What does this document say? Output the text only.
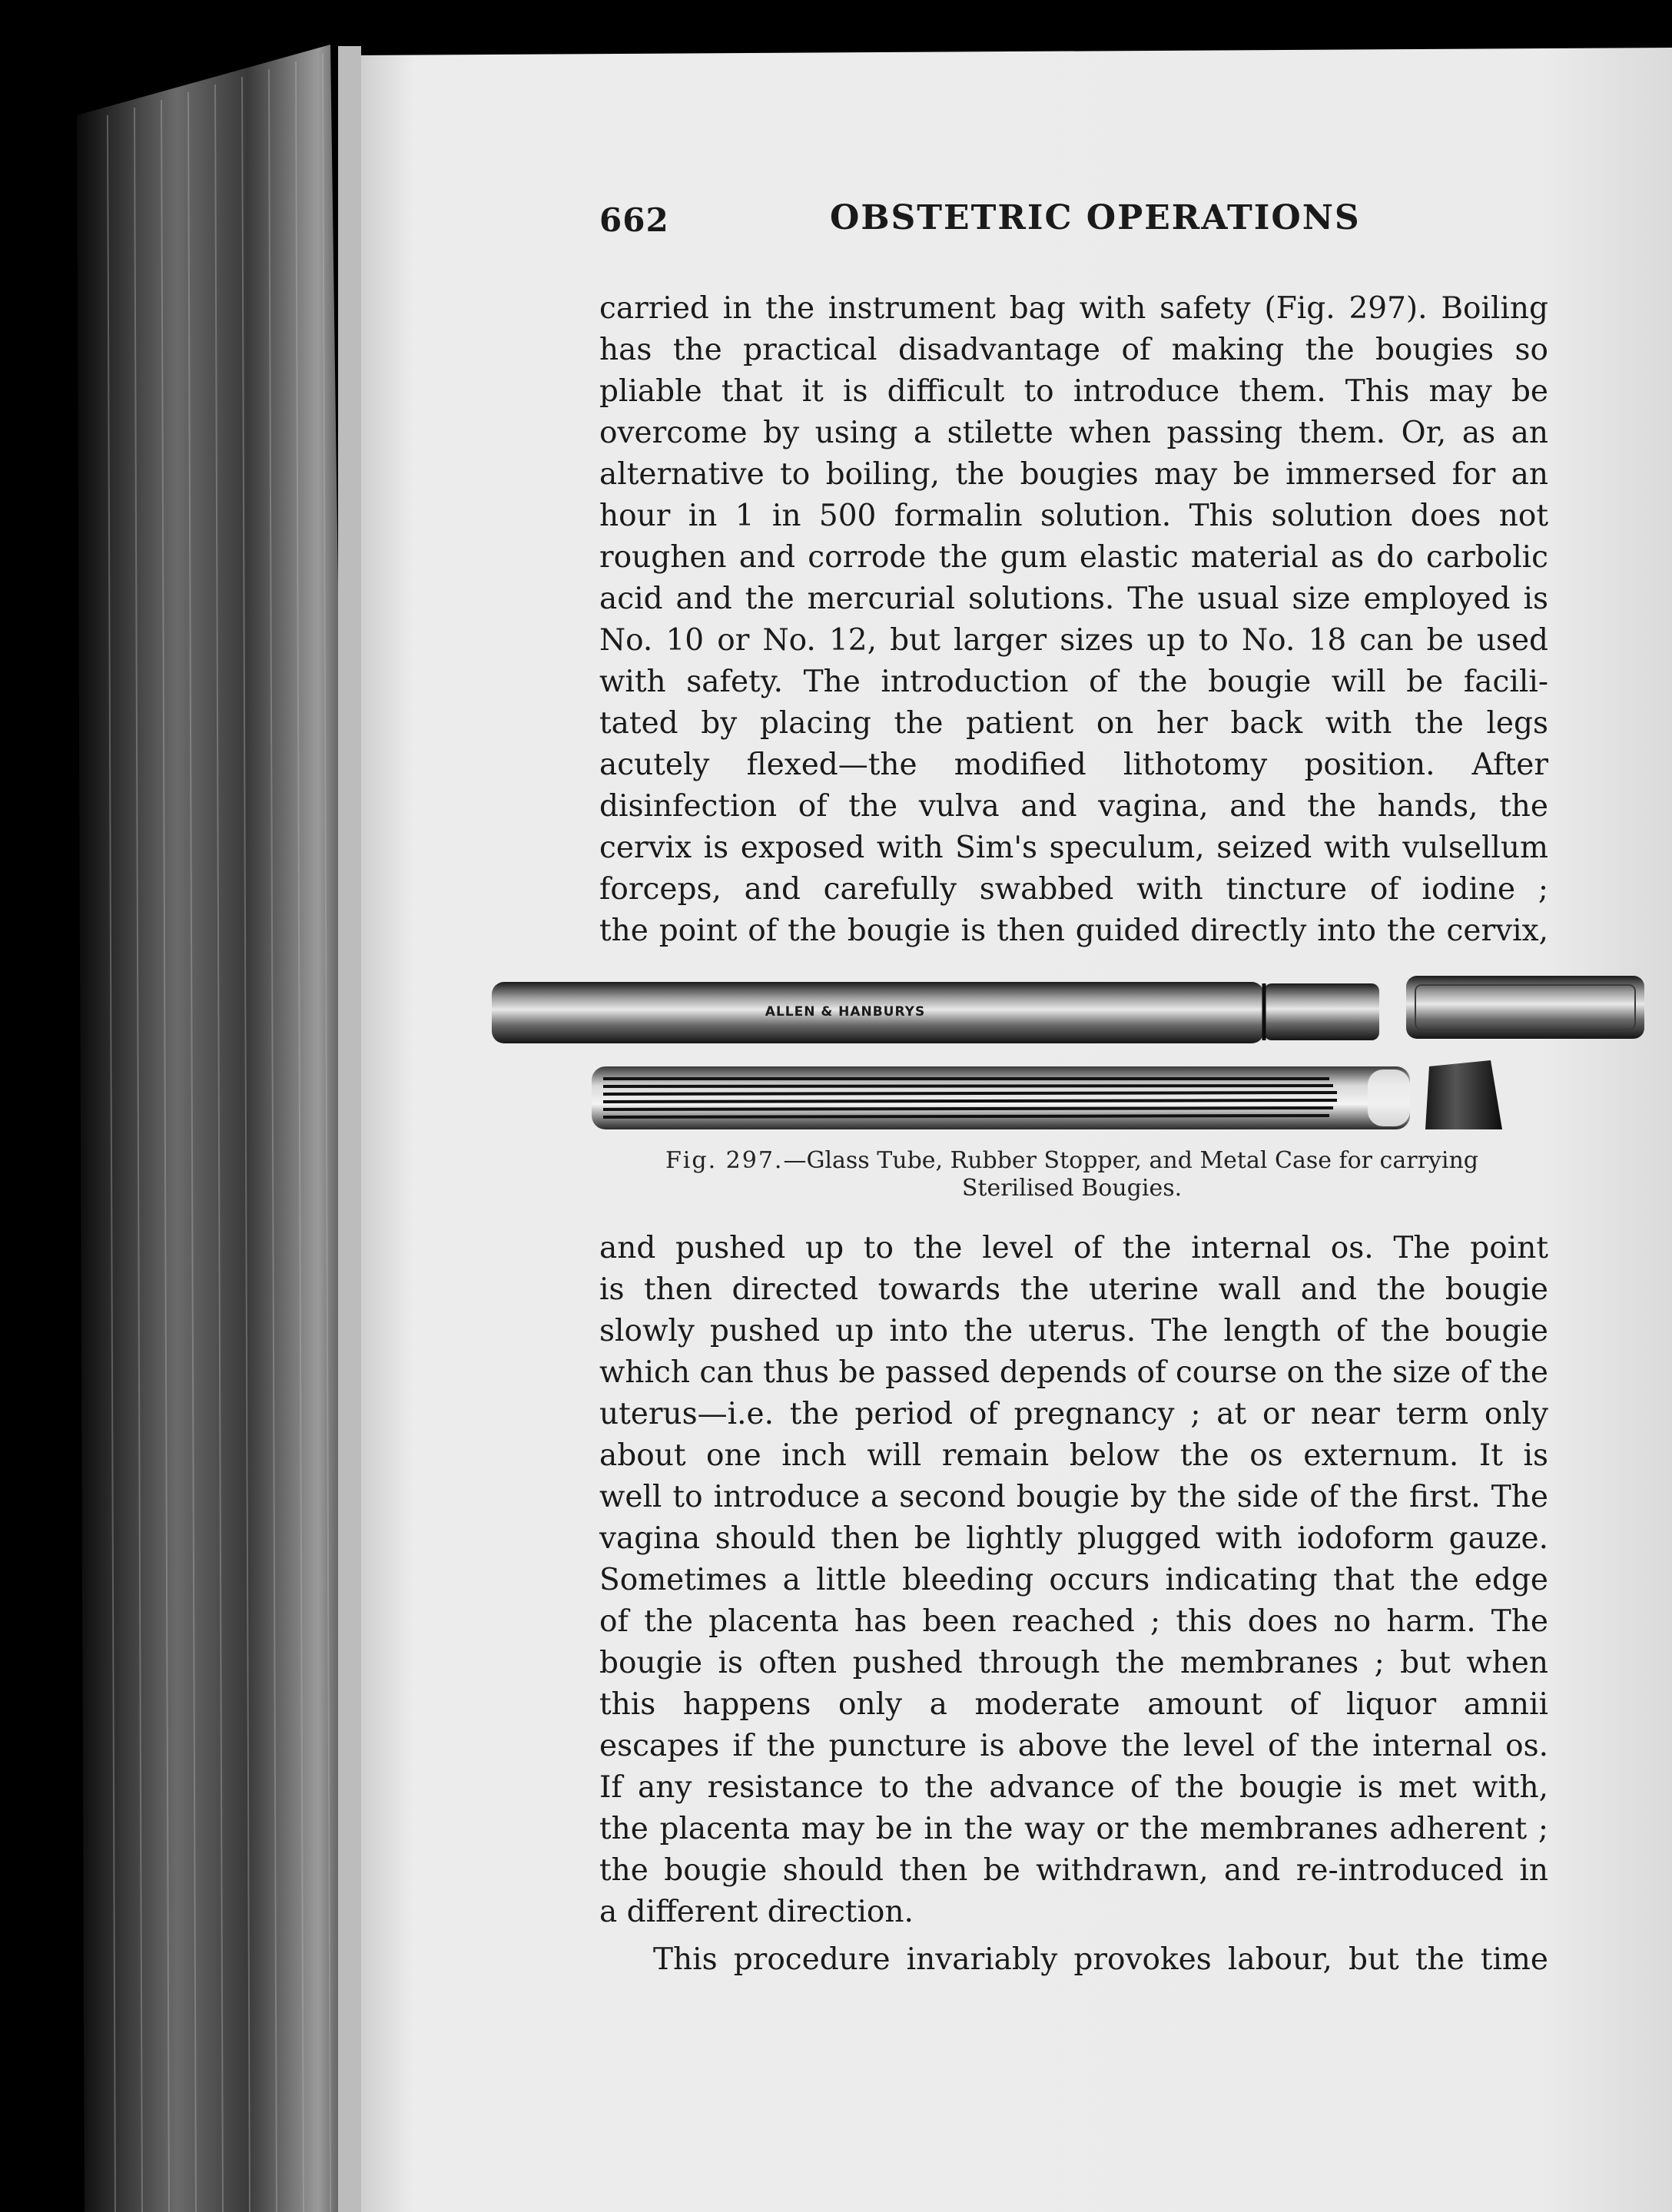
ALLEN & HANBURYS
662	OBSTETRIC OPERATIONS
carried in the instrument bag with safety (Fig. 297). Boiling
has the practical disadvantage of making the bougies so
pliable that it is difficult to introduce them. This may be
overcome by using a stilette when passing them. Or, as an
alternative to boiling, the bougies may be immersed for an
hour in 1 in 500 formalin solution. This solution does not
roughen and corrode the gum elastic material as do carbolic
acid and the mercurial solutions. The usual size employed is
No. 10 or No. 12, but larger sizes up to No. 18 can be used
with safety. The introduction of the bougie will be facili-
tated by placing the patient on her back with the legs
acutely flexed—the modified lithotomy position. After
disinfection of the vulva and vagina, and the hands, the
cervix is exposed with Sim's speculum, seized with vulsellum
forceps, and carefully swabbed with tincture of iodine ;
the point of the bougie is then guided directly into the cervix,
Fig. 297.—Glass Tube, Rubber Stopper, and Metal Case for carrying
Sterilised Bougies.
and pushed up to the level of the internal os. The point
is then directed towards the uterine wall and the bougie
slowly pushed up into the uterus. The length of the bougie
which can thus be passed depends of course on the size of the
uterus—i.e. the period of pregnancy ; at or near term only
about one inch will remain below the os externum. It is
well to introduce a second bougie by the side of the first. The
vagina should then be lightly plugged with iodoform gauze.
Sometimes a little bleeding occurs indicating that the edge
of the placenta has been reached ; this does no harm. The
bougie is often pushed through the membranes ; but when
this happens only a moderate amount of liquor amnii
escapes if the puncture is above the level of the internal os.
If any resistance to the advance of the bougie is met with,
the placenta may be in the way or the membranes adherent ;
the bougie should then be withdrawn, and re-introduced in
a different direction.
This procedure invariably provokes labour, but the time
